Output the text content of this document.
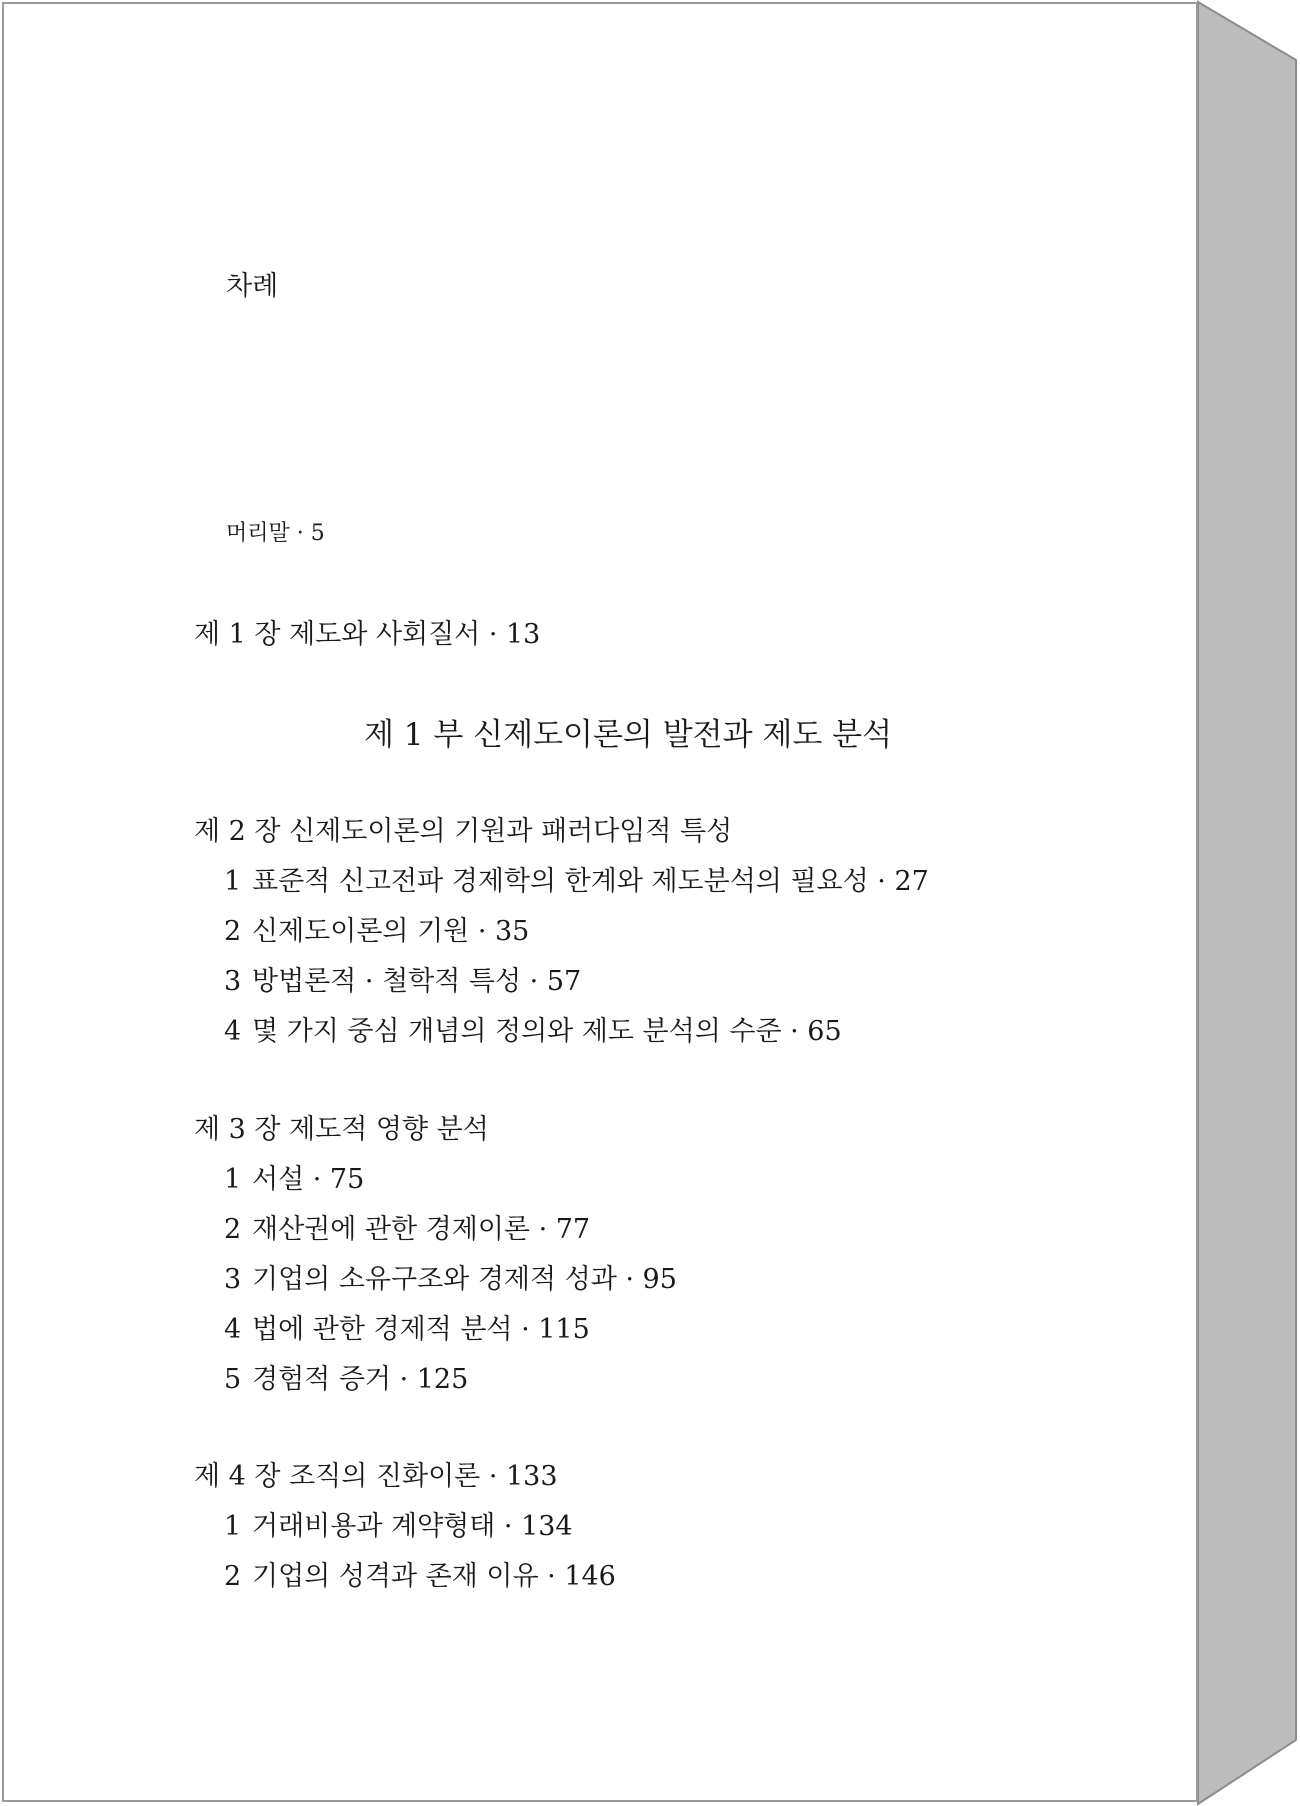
차례
머리말 · 5
제 1 장 제도와 사회질서 · 13
제 1 부 신제도이론의 발전과 제도 분석
제 2 장 신제도이론의 기원과 패러다임적 특성
1 표준적 신고전파 경제학의 한계와 제도분석의 필요성 · 27
2 신제도이론의 기원 · 35
3 방법론적 · 철학적 특성 · 57
4 몇 가지 중심 개념의 정의와 제도 분석의 수준 · 65
제 3 장 제도적 영향 분석
1 서설 · 75
2 재산권에 관한 경제이론 · 77
3 기업의 소유구조와 경제적 성과 · 95
4 법에 관한 경제적 분석 · 115
5 경험적 증거 · 125
제 4 장 조직의 진화이론 · 133
1 거래비용과 계약형태 · 134
2 기업의 성격과 존재 이유 · 146
